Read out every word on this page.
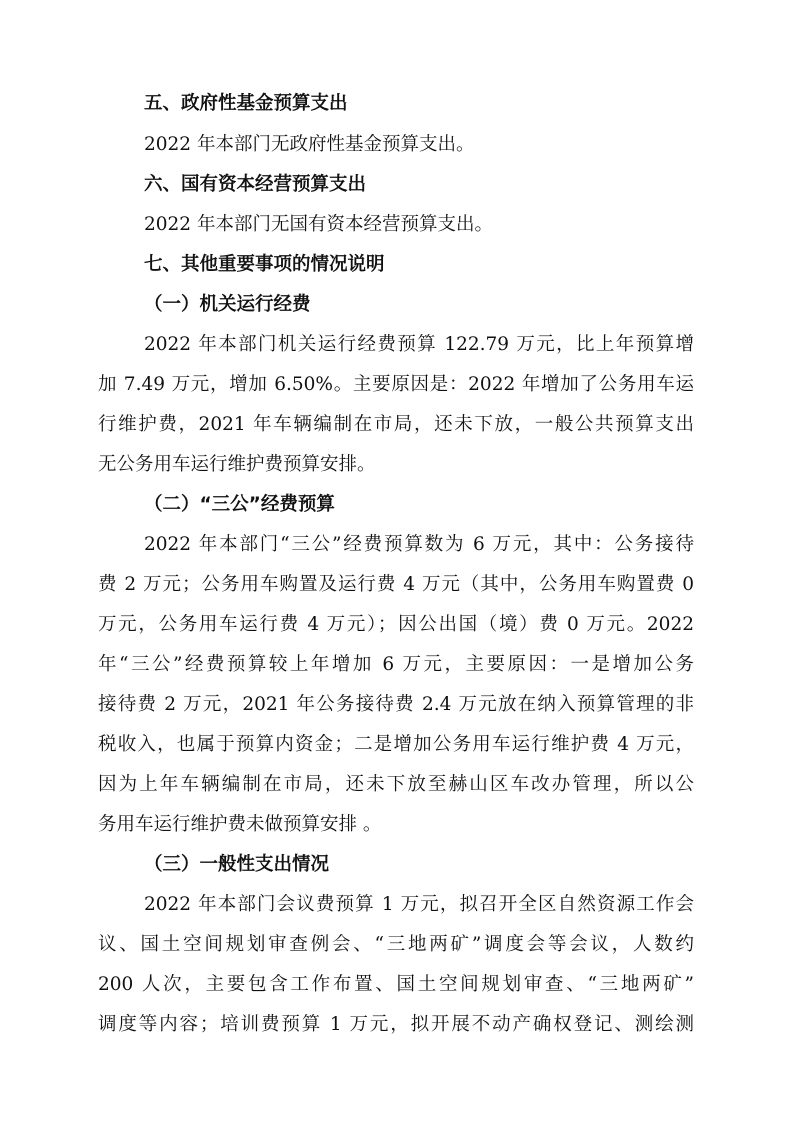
五、政府性基金预算支出
2022 年本部门无政府性基金预算支出。
六、国有资本经营预算支出
2022 年本部门无国有资本经营预算支出。
七、其他重要事项的情况说明
（一）机关运行经费
2022 年本部门机关运行经费预算 122.79 万元，比上年预算增
加 7.49 万元，增加 6.50%。主要原因是：2022 年增加了公务用车运
行维护费，2021 年车辆编制在市局，还未下放，一般公共预算支出
无公务用车运行维护费预算安排。
（二）“三公”经费预算
2022 年本部门“三公”经费预算数为 6 万元，其中：公务接待
费 2 万元；公务用车购置及运行费 4 万元（其中，公务用车购置费 0
万元，公务用车运行费 4 万元）；因公出国（境）费 0 万元。2022
年“三公”经费预算较上年增加 6 万元，主要原因：一是增加公务
接待费 2 万元，2021 年公务接待费 2.4 万元放在纳入预算管理的非
税收入，也属于预算内资金；二是增加公务用车运行维护费 4 万元，
因为上年车辆编制在市局，还未下放至赫山区车改办管理，所以公
务用车运行维护费未做预算安排 。
（三）一般性支出情况
2022 年本部门会议费预算 1 万元，拟召开全区自然资源工作会
议、国土空间规划审查例会、“三地两矿”调度会等会议，人数约
200 人次，主要包含工作布置、国土空间规划审查、“三地两矿”
调度等内容；培训费预算 1 万元，拟开展不动产确权登记、测绘测
